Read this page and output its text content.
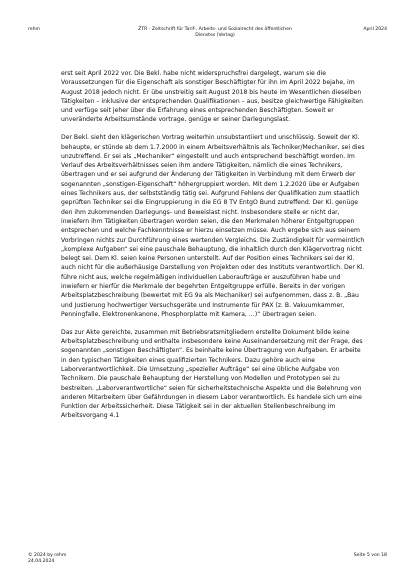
rehm	ZTR - Zeitschrift für Tarif-, Arbeits- und Sozialrecht des öffentlichen
Dienstes (Verlag)
April 2024

erst seit April 2022 vor. Die Bekl. habe nicht widerspruchsfrei dargelegt, warum sie die Voraussetzungen für die Eigenschaft als sonstiger Beschäftigter für ihn im April 2022 bejahe, im August 2018 jedoch nicht. Er übe unstreitig seit August 2018 bis heute im Wesentlichen dieselben Tätigkeiten – inklusive der entsprechenden Qualifikationen – aus, besitze gleichwertige Fähigkeiten und verfüge seit jeher über die Erfahrung eines entsprechenden Beschäftigten. Soweit er unveränderte Arbeitsumstände vortrage, genüge er seiner Darlegungslast.

Der Bekl. sieht den klägerischen Vortrag weiterhin unsubstantiiert und unschlüssig. Soweit der Kl. behaupte, er stünde ab dem 1.7.2000 in einem Arbeitsverhältnis als Techniker/Mechaniker, sei dies unzutreffend. Er sei als „Mechaniker“ eingestellt und auch entsprechend beschäftigt worden. Im Verlauf des Arbeitsverhältnisses seien ihm andere Tätigkeiten, nämlich die eines Technikers, übertragen und er sei aufgrund der Änderung der Tätigkeiten in Verbindung mit dem Erwerb der sogenannten „sonstigen-Eigenschaft“ höhergruppiert worden. Mit dem 1.2.2020 übe er Aufgaben eines Technikers aus, der selbstständig tätig sei. Aufgrund Fehlens der Qualifikation zum staatlich geprüften Techniker sei die Eingruppierung in die EG 8 TV EntgO Bund zutreffend. Der Kl. genüge den ihm zukommenden Darlegungs- und Beweislast nicht. Insbesondere stelle er nicht dar, inwiefern ihm Tätigkeiten übertragen worden seien, die den Merkmalen höherer Entgeltgruppen entsprechen und welche Fachkenntnisse er hierzu einsetzen müsse. Auch ergebe sich aus seinem Vorbringen nichts zur Durchführung eines wertenden Vergleichs. Die Zuständigkeit für vermeintlich „komplexe Aufgaben“ sei eine pauschale Behauptung, die inhaltlich durch den Klägervortrag nicht belegt sei. Dem Kl. seien keine Personen unterstellt. Auf der Position eines Technikers sei der Kl. auch nicht für die außerhäusige Darstellung von Projekten oder des Instituts verantwortlich. Der Kl. führe nicht aus, welche regelmäßigen individuellen Laboraufträge er auszuführen habe und inwiefern er hierfür die Merkmale der begehrten Entgeltgruppe erfülle. Bereits in der vorigen Arbeitsplatzbeschreibung (bewertet mit EG 9a als Mechaniker) sei aufgenommen, dass z. B. „Bau und Justierung hochwertiger Versuchsgeräte und Instrumente für PAX (z. B. Vakuumkammer, Penningfalle, Elektronenkanone, Phosphorplatte mit Kamera, …)“ übertragen seien.

Das zur Akte gereichte, zusammen mit Betriebsratsmitgliedern erstellte Dokument bilde keine Arbeitsplatzbeschreibung und enthalte insbesondere keine Auseinandersetzung mit der Frage, des sogenannten „sonstigen Beschäftigten“. Es beinhalte keine Übertragung von Aufgaben. Er arbeite in den typischen Tätigkeiten eines qualifizierten Technikers. Dazu gehöre auch eine Laborverantwortlichkeit. Die Umsetzung „spezieller Aufträge“ sei eine übliche Aufgabe von Technikern. Die pauschale Behauptung der Herstellung von Modellen und Prototypen sei zu bestreiten. „Laborverantwortliche“ seien für sicherheitstechnische Aspekte und die Belehrung von anderen Mitarbeitern über Gefährdungen in diesem Labor verantwortlich. Es handele sich um eine Funktion der Arbeitssicherheit. Diese Tätigkeit sei in der aktuellen Stellenbeschreibung im Arbeitsvorgang 4.1

© 2024 by rehm
24.04.2024
Seite 5 von 18
